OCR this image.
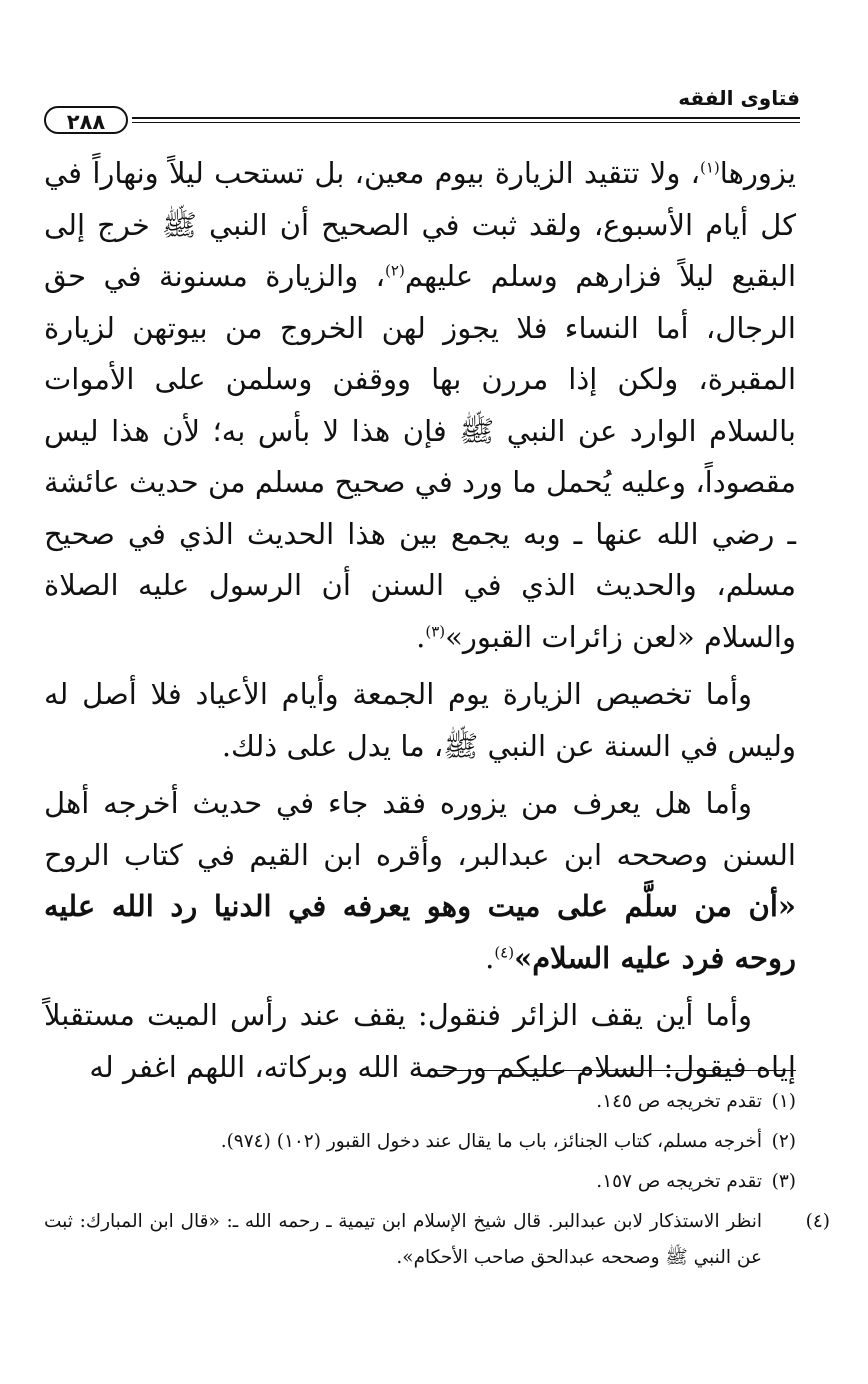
فتاوى الفقه
٢٨٨

يزورها$^{(١)}$، ولا تتقيد الزيارة بيوم معين، بل تستحب ليلاً ونهاراً في كل أيام الأسبوع، ولقد ثبت في الصحيح أن النبي ﷺ خرج إلى البقيع ليلاً فزارهم وسلم عليهم$^{(٢)}$، والزيارة مسنونة في حق الرجال، أما النساء فلا يجوز لهن الخروج من بيوتهن لزيارة المقبرة، ولكن إذا مررن بها ووقفن وسلمن على الأموات بالسلام الوارد عن النبي ﷺ فإن هذا لا بأس به؛ لأن هذا ليس مقصوداً، وعليه يُحمل ما ورد في صحيح مسلم من حديث عائشة ـ رضي الله عنها ـ وبه يجمع بين هذا الحديث الذي في صحيح مسلم، والحديث الذي في السنن أن الرسول عليه الصلاة والسلام «لعن زائرات القبور»$^{(٣)}$.

وأما تخصيص الزيارة يوم الجمعة وأيام الأعياد فلا أصل له وليس في السنة عن النبي ﷺ، ما يدل على ذلك.

وأما هل يعرف من يزوره فقد جاء في حديث أخرجه أهل السنن وصححه ابن عبدالبر، وأقره ابن القيم في كتاب الروح «أن من سلَّم على ميت وهو يعرفه في الدنيا رد الله عليه روحه فرد عليه السلام»$^{(٤)}$.

وأما أين يقف الزائر فنقول: يقف عند رأس الميت مستقبلاً إياه فيقول: السلام عليكم ورحمة الله وبركاته، اللهم اغفر له

(١)تقدم تخريجه ص ١٤٥.
(٢)أخرجه مسلم، كتاب الجنائز، باب ما يقال عند دخول القبور (١٠٢) (٩٧٤).
(٣)تقدم تخريجه ص ١٥٧.
(٤)انظر الاستذكار لابن عبدالبر. قال شيخ الإسلام ابن تيمية ـ رحمه الله ـ: «قال ابن المبارك: ثبت عن النبي ﷺ وصححه عبدالحق صاحب الأحكام».
